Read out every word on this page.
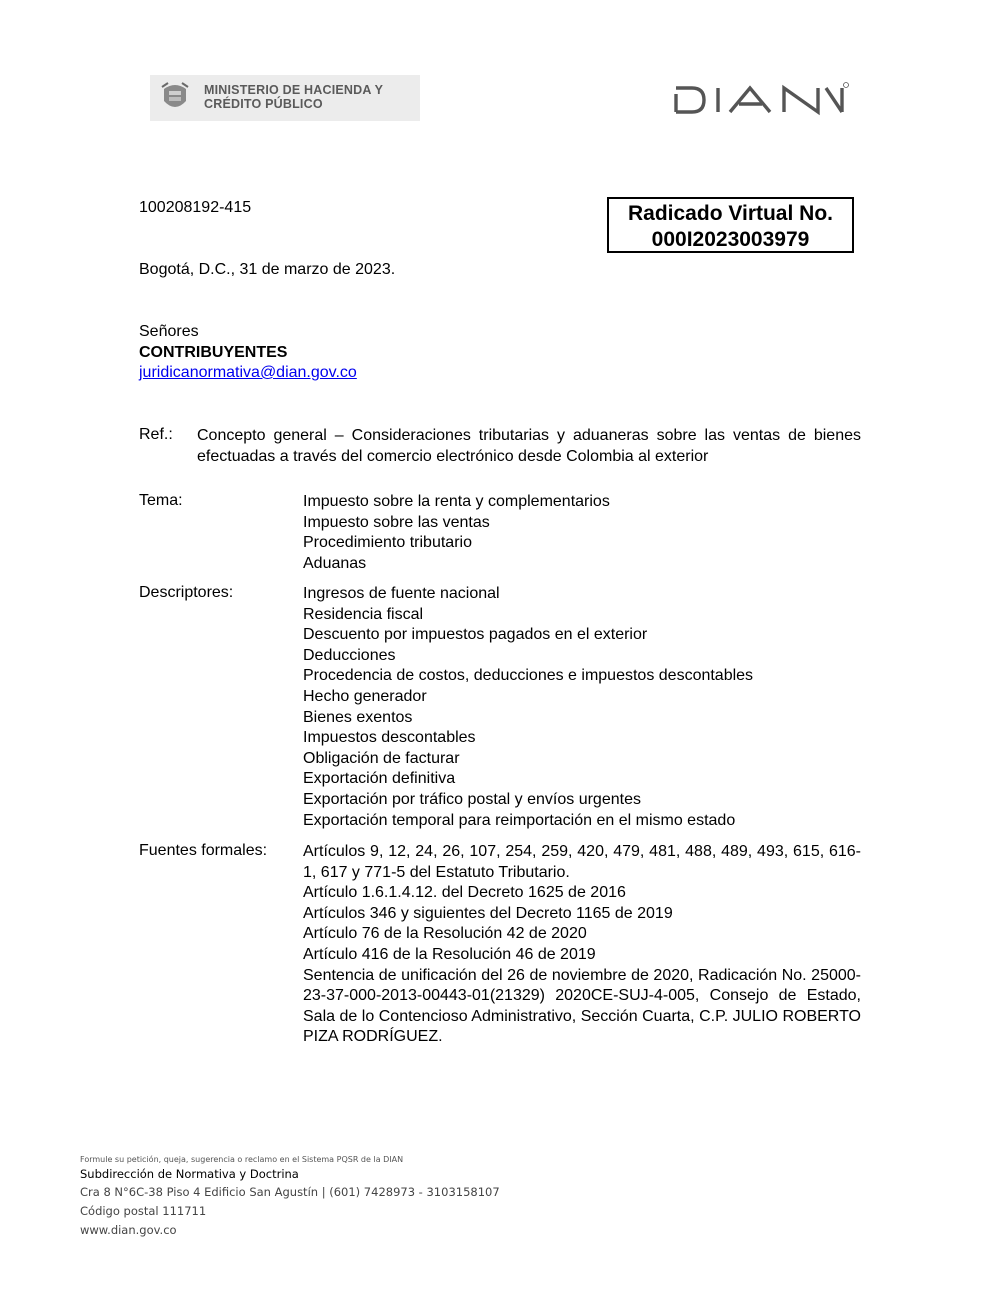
MINISTERIO DE HACIENDA Y
CRÉDITO PÚBLICO
100208192-415	Radicado Virtual No.
000I2023003979
Bogotá, D.C., 31 de marzo de 2023.
Señores
CONTRIBUYENTES
juridicanormativa@dian.gov.co
Ref.: Concepto general – Consideraciones tributarias y aduaneras sobre las ventas de bienes efectuadas a través del comercio electrónico desde Colombia al exterior
Tema:	Impuesto sobre la renta y complementarios
Impuesto sobre las ventas
Procedimiento tributario
Aduanas
Descriptores:	Ingresos de fuente nacional
Residencia fiscal
Descuento por impuestos pagados en el exterior
Deducciones
Procedencia de costos, deducciones e impuestos descontables
Hecho generador
Bienes exentos
Impuestos descontables
Obligación de facturar
Exportación definitiva
Exportación por tráfico postal y envíos urgentes
Exportación temporal para reimportación en el mismo estado
Fuentes formales: Artículos 9, 12, 24, 26, 107, 254, 259, 420, 479, 481, 488, 489, 493, 615, 616-1, 617 y 771-5 del Estatuto Tributario.
Artículo 1.6.1.4.12. del Decreto 1625 de 2016
Artículos 346 y siguientes del Decreto 1165 de 2019
Artículo 76 de la Resolución 42 de 2020
Artículo 416 de la Resolución 46 de 2019
Sentencia de unificación del 26 de noviembre de 2020, Radicación No. 25000-23-37-000-2013-00443-01(21329) 2020CE-SUJ-4-005, Consejo de Estado, Sala de lo Contencioso Administrativo, Sección Cuarta, C.P. JULIO ROBERTO PIZA RODRÍGUEZ.
Formule su petición, queja, sugerencia o reclamo en el Sistema PQSR de la DIAN
Subdirección de Normativa y Doctrina
Cra 8 N°6C-38 Piso 4 Edificio San Agustín | (601) 7428973 - 3103158107
Código postal 111711
www.dian.gov.co
